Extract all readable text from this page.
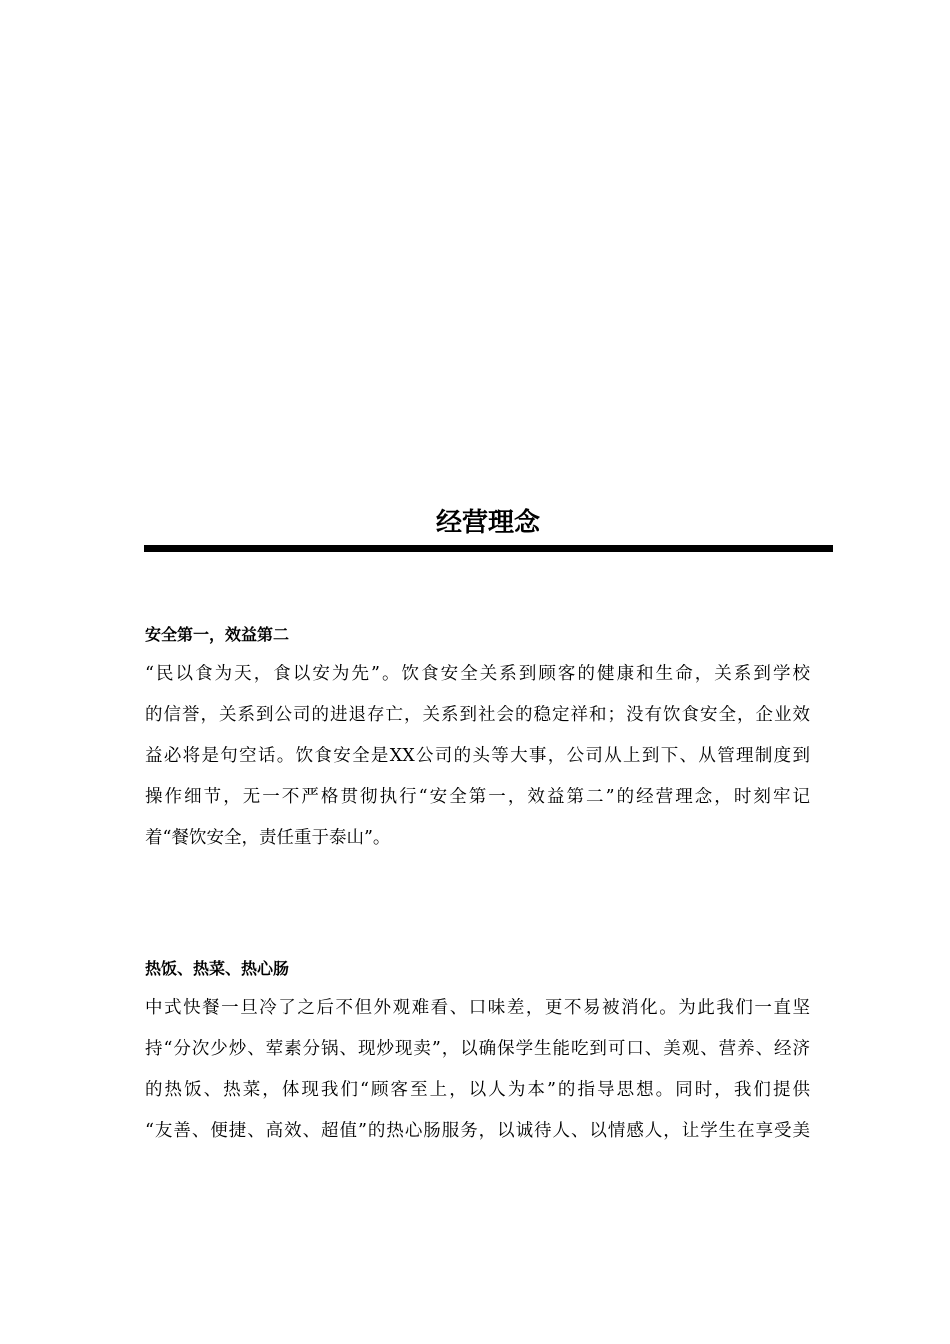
经营理念
安全第一，效益第二
“民以食为天，食以安为先”。饮食安全关系到顾客的健康和生命，关系到学校
的信誉，关系到公司的进退存亡，关系到社会的稳定祥和；没有饮食安全，企业效
益必将是句空话。饮食安全是XX公司的头等大事，公司从上到下、从管理制度到
操作细节，无一不严格贯彻执行“安全第一，效益第二”的经营理念，时刻牢记
着“餐饮安全，责任重于泰山”。
热饭、热菜、热心肠
中式快餐一旦冷了之后不但外观难看、口味差，更不易被消化。为此我们一直坚
持“分次少炒、荤素分锅、现炒现卖”，以确保学生能吃到可口、美观、营养、经济
的热饭、热菜，体现我们“顾客至上，以人为本”的指导思想。同时，我们提供
“友善、便捷、高效、超值”的热心肠服务，以诚待人、以情感人，让学生在享受美
